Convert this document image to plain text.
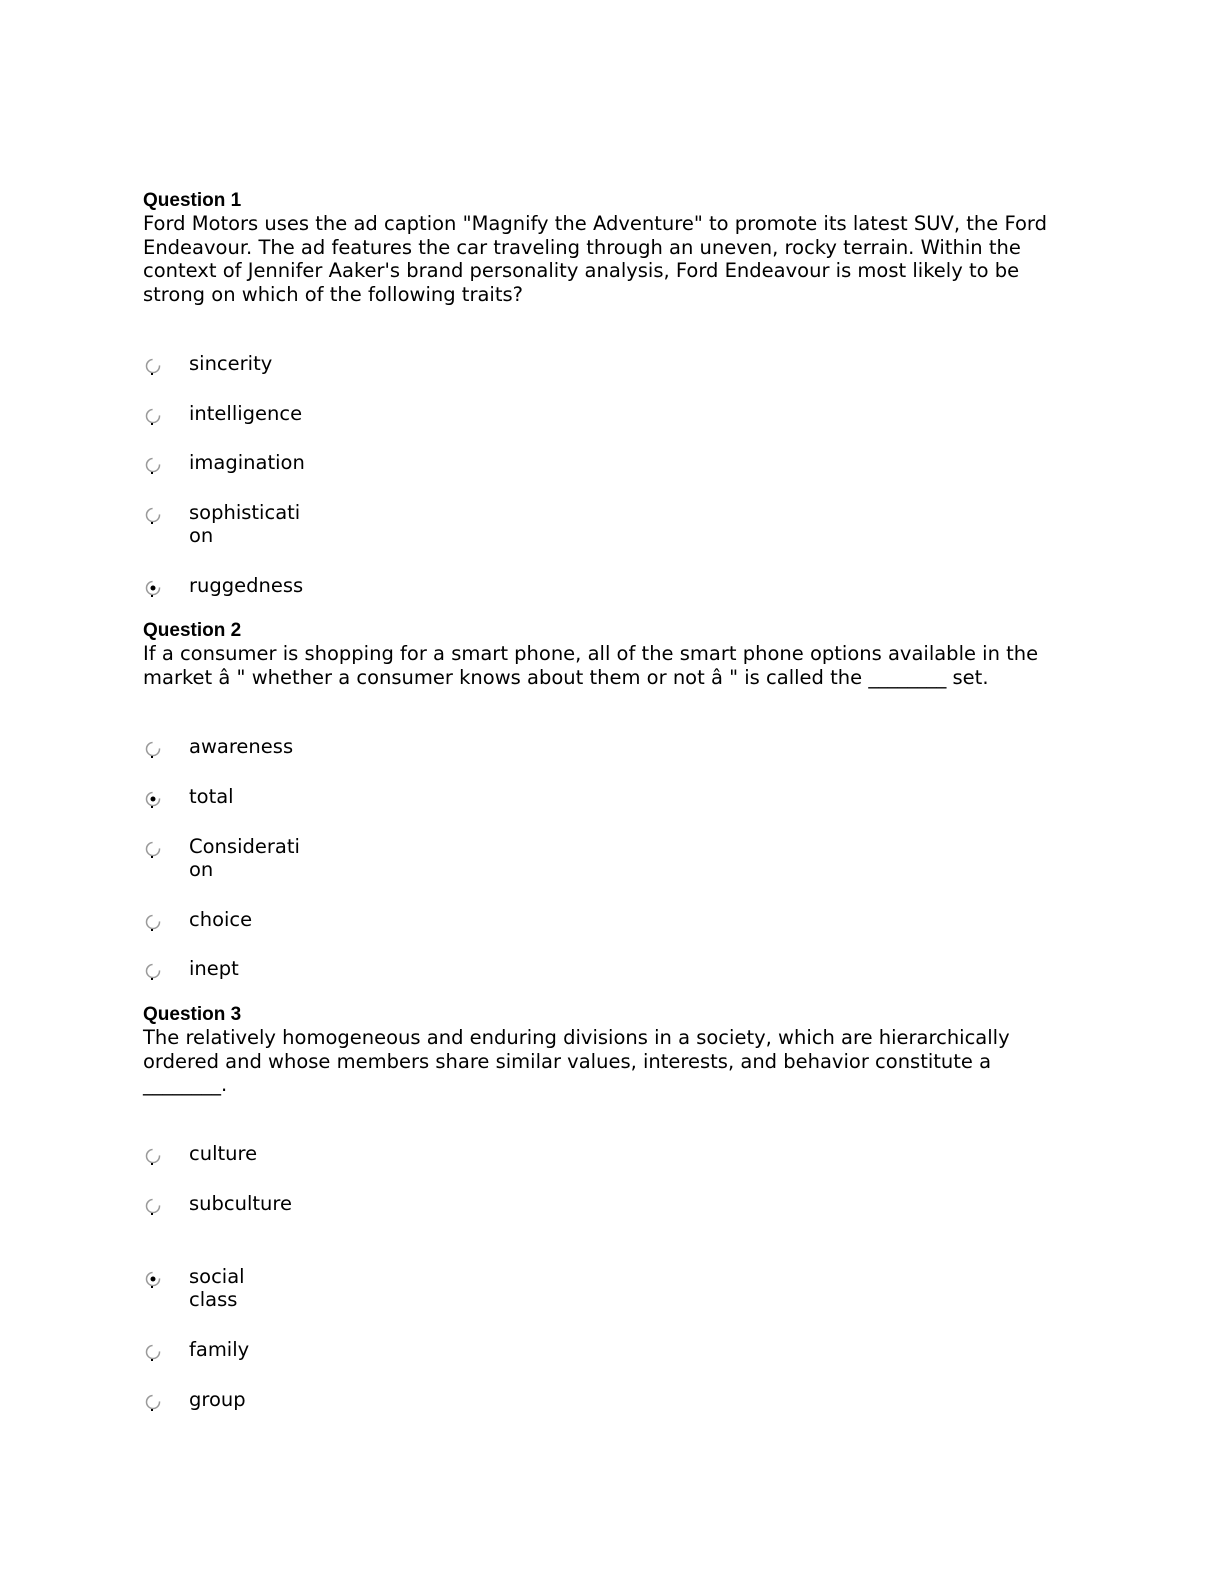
Question 1

Ford Motors uses the ad caption "Magnify the Adventure" to promote its latest SUV, the Ford Endeavour. The ad features the car traveling through an uneven, rocky terrain. Within the context of Jennifer Aaker's brand personality analysis, Ford Endeavour is most likely to be strong on which of the following traits?

sincerity
intelligence
imagination
sophistication
ruggedness

Question 2

If a consumer is shopping for a smart phone, all of the smart phone options available in the market â " whether a consumer knows about them or not â " is called the ________ set.

awareness
total
Consideration
choice
inept

Question 3

The relatively homogeneous and enduring divisions in a society, which are hierarchically ordered and whose members share similar values, interests, and behavior constitute a ________.

culture
subculture
social class
family
group
